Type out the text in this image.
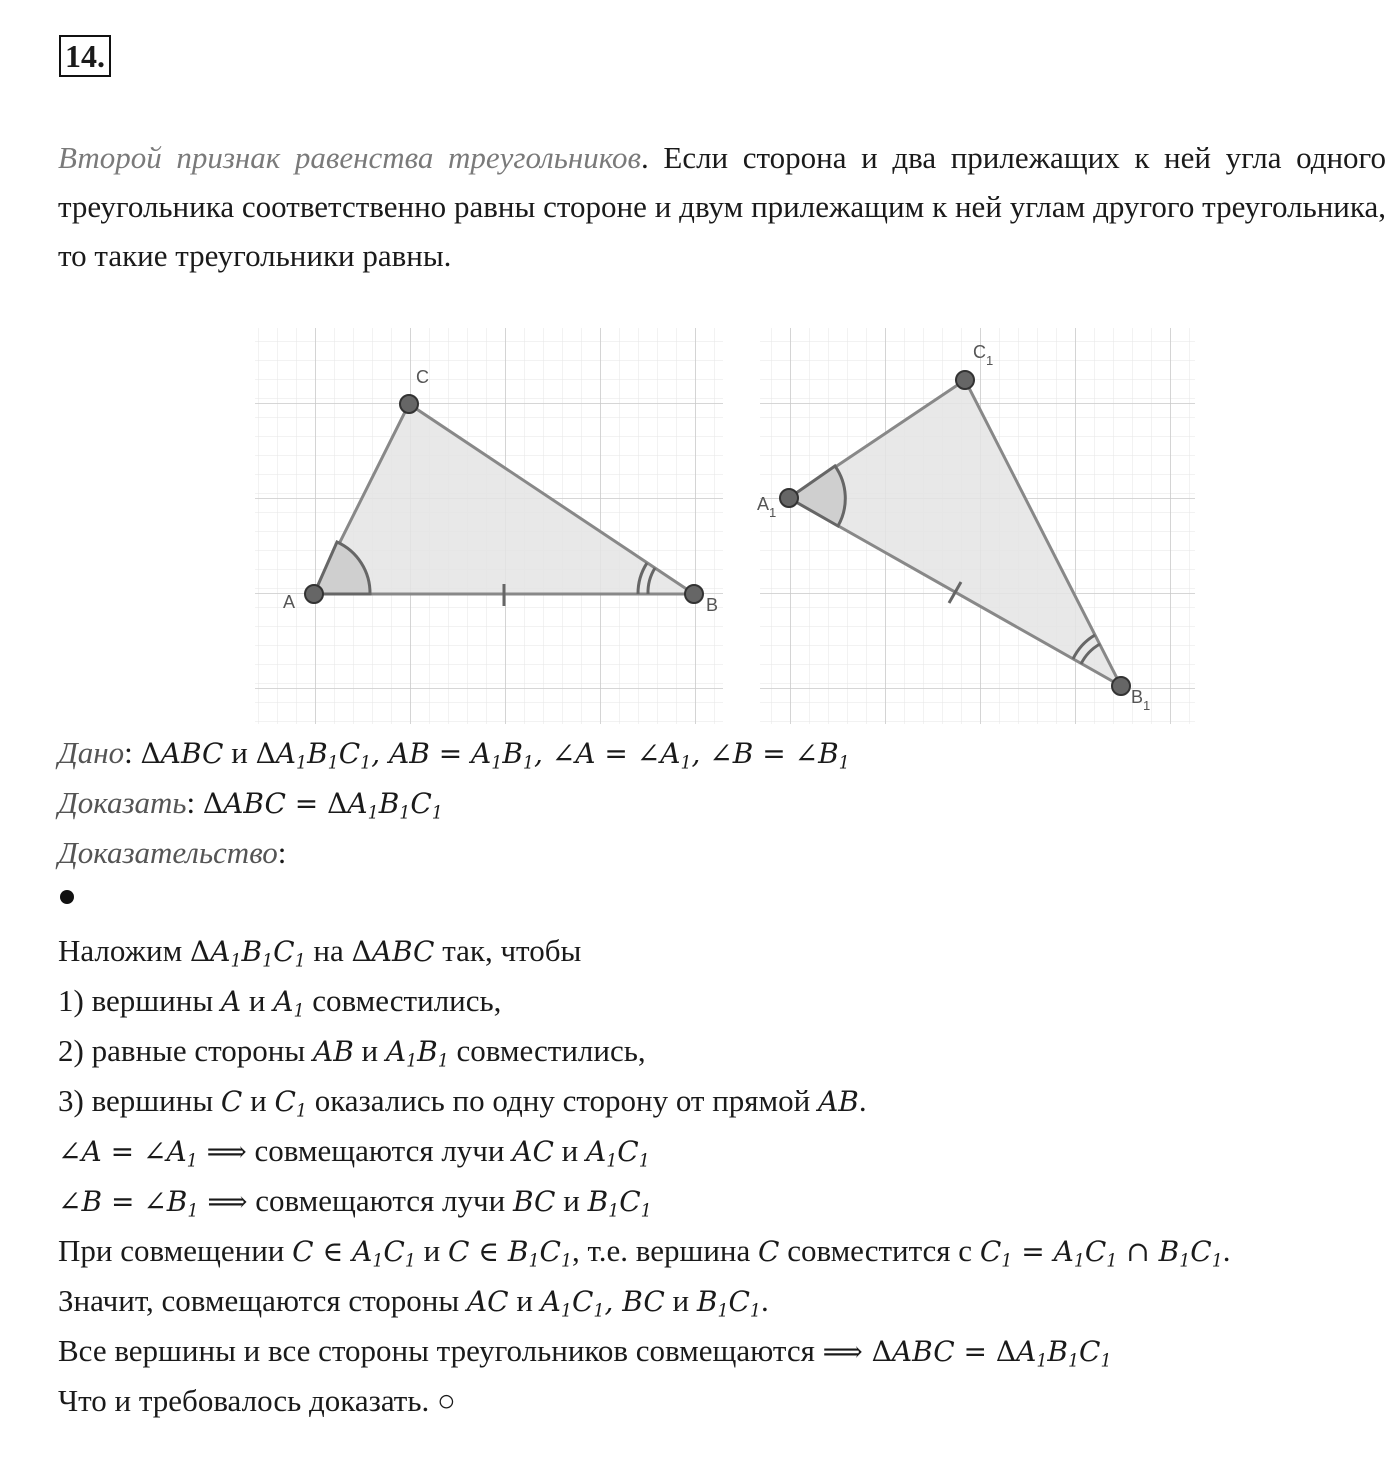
14.
Второй признак равенства треугольников. Если сторона и два прилежащих к ней угла одного треугольника соответственно равны стороне и двум прилежащим к ней углам другого треугольника, то такие треугольники равны.
A	B
C
$A_1$
$B_1$
$C_1$
Дано: ΔABC и $\Delta A_1B_1C_1$, AB = $A_1B_1$, ∠A = $\angle A_1$, ∠B = $\angle B_1$
Доказать: $\Delta ABC = \Delta A_1B_1C_1$
Доказательство:
Наложим $\Delta A_1B_1C_1$ на ΔABC так, чтобы
1) вершины A и $A_1$ совместились,
2) равные стороны AB и $A_1B_1$ совместились,
3) вершины C и $C_1$ оказались по одну сторону от прямой AB.
∠A = $\angle A_1$ ⟹ совмещаются лучи AC и $A_1C_1$
∠B = $\angle B_1$ ⟹ совмещаются лучи BC и $B_1C_1$
При совмещении C ∈ $A_1C_1$ и C ∈ $B_1C_1$, т.е. вершина C совместится с $C_1 = A_1C_1$ ∩ $B_1C_1$.
Значит, совмещаются стороны AC и $A_1C_1$, BC и $B_1C_1$.
Все вершины и все стороны треугольников совмещаются ⟹ $\Delta ABC = \Delta A_1B_1C_1$
Что и требовалось доказать. ○
